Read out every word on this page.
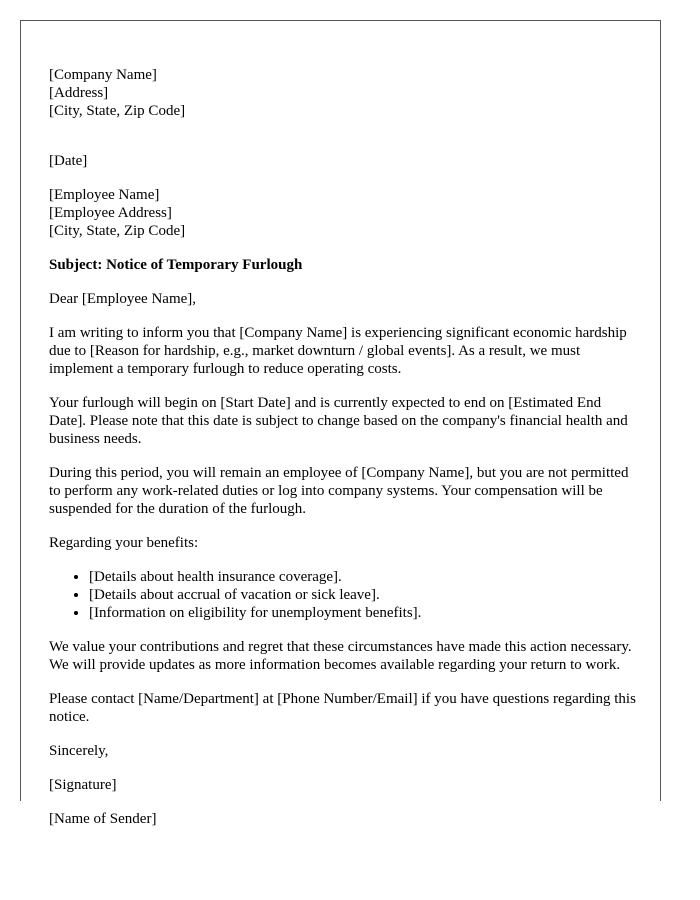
[Company Name]
[Address]
[City, State, Zip Code]

[Date]

[Employee Name]
[Employee Address]
[City, State, Zip Code]

Subject: Notice of Temporary Furlough

Dear [Employee Name],

I am writing to inform you that [Company Name] is experiencing significant economic hardship due to [Reason for hardship, e.g., market downturn / global events]. As a result, we must implement a temporary furlough to reduce operating costs.

Your furlough will begin on [Start Date] and is currently expected to end on [Estimated End Date]. Please note that this date is subject to change based on the company's financial health and business needs.

During this period, you will remain an employee of [Company Name], but you are not permitted to perform any work-related duties or log into company systems. Your compensation will be suspended for the duration of the furlough.

Regarding your benefits:

• [Details about health insurance coverage].
• [Details about accrual of vacation or sick leave].
• [Information on eligibility for unemployment benefits].

We value your contributions and regret that these circumstances have made this action necessary. We will provide updates as more information becomes available regarding your return to work.

Please contact [Name/Department] at [Phone Number/Email] if you have questions regarding this notice.

Sincerely,

[Signature]

[Name of Sender]
